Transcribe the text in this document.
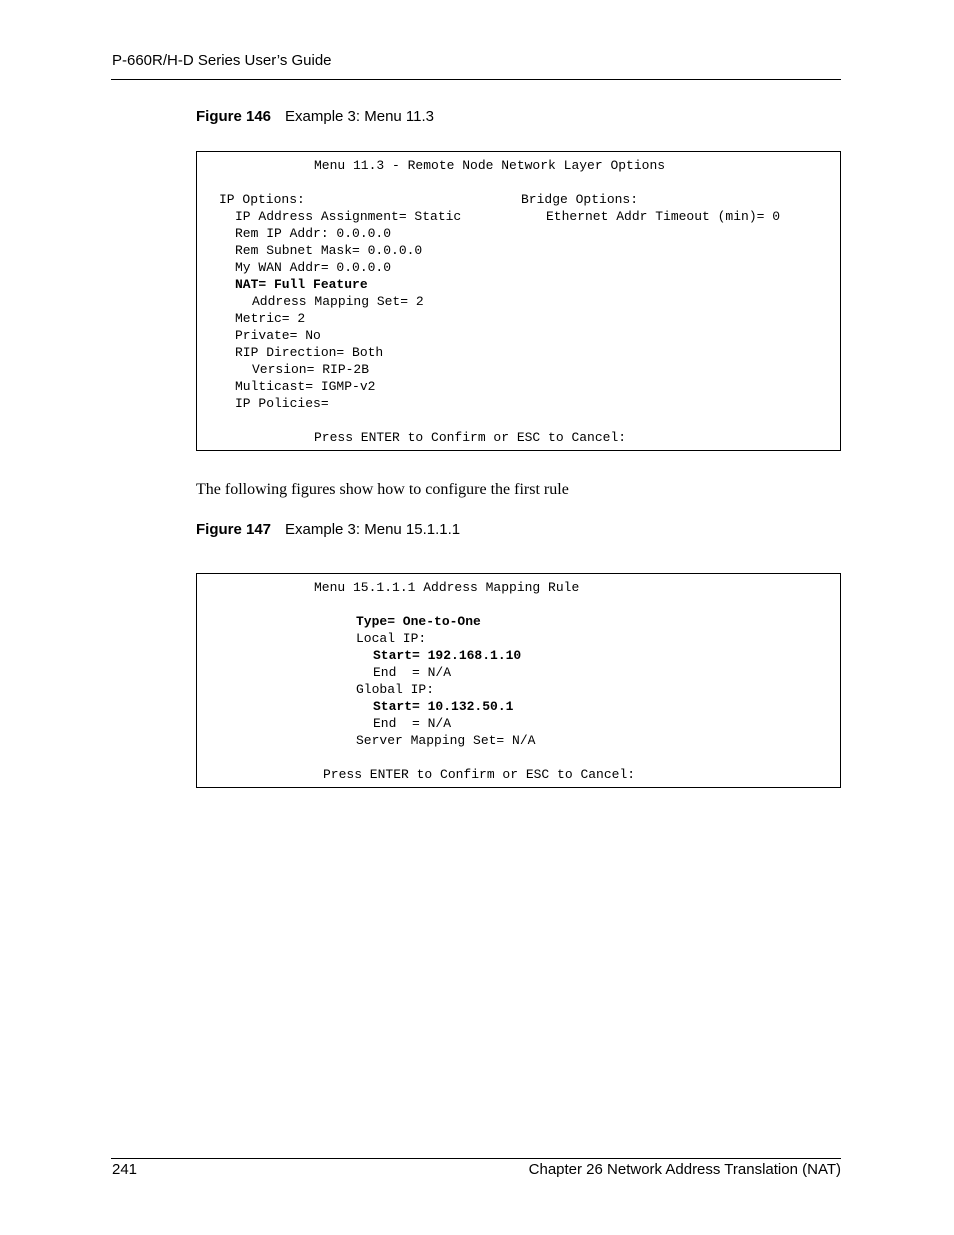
P-660R/H-D Series User’s Guide
Figure 146 Example 3: Menu 11.3
Menu 11.3 - Remote Node Network Layer Options
IP Options:
IP Address Assignment= Static
Rem IP Addr: 0.0.0.0
Rem Subnet Mask= 0.0.0.0
My WAN Addr= 0.0.0.0
NAT= Full Feature
Address Mapping Set= 2
Metric= 2
Private= No
RIP Direction= Both
Version= RIP-2B
Multicast= IGMP-v2
IP Policies=
Press ENTER to Confirm or ESC to Cancel:
Bridge Options:
Ethernet Addr Timeout (min)= 0
The following figures show how to configure the first rule
Figure 147 Example 3: Menu 15.1.1.1
Menu 15.1.1.1 Address Mapping Rule
Type= One-to-One
Local IP:
Start= 192.168.1.10
End  = N/A
Global IP:
Start= 10.132.50.1
End  = N/A
Server Mapping Set= N/A
Press ENTER to Confirm or ESC to Cancel:
241	Chapter 26 Network Address Translation (NAT)
